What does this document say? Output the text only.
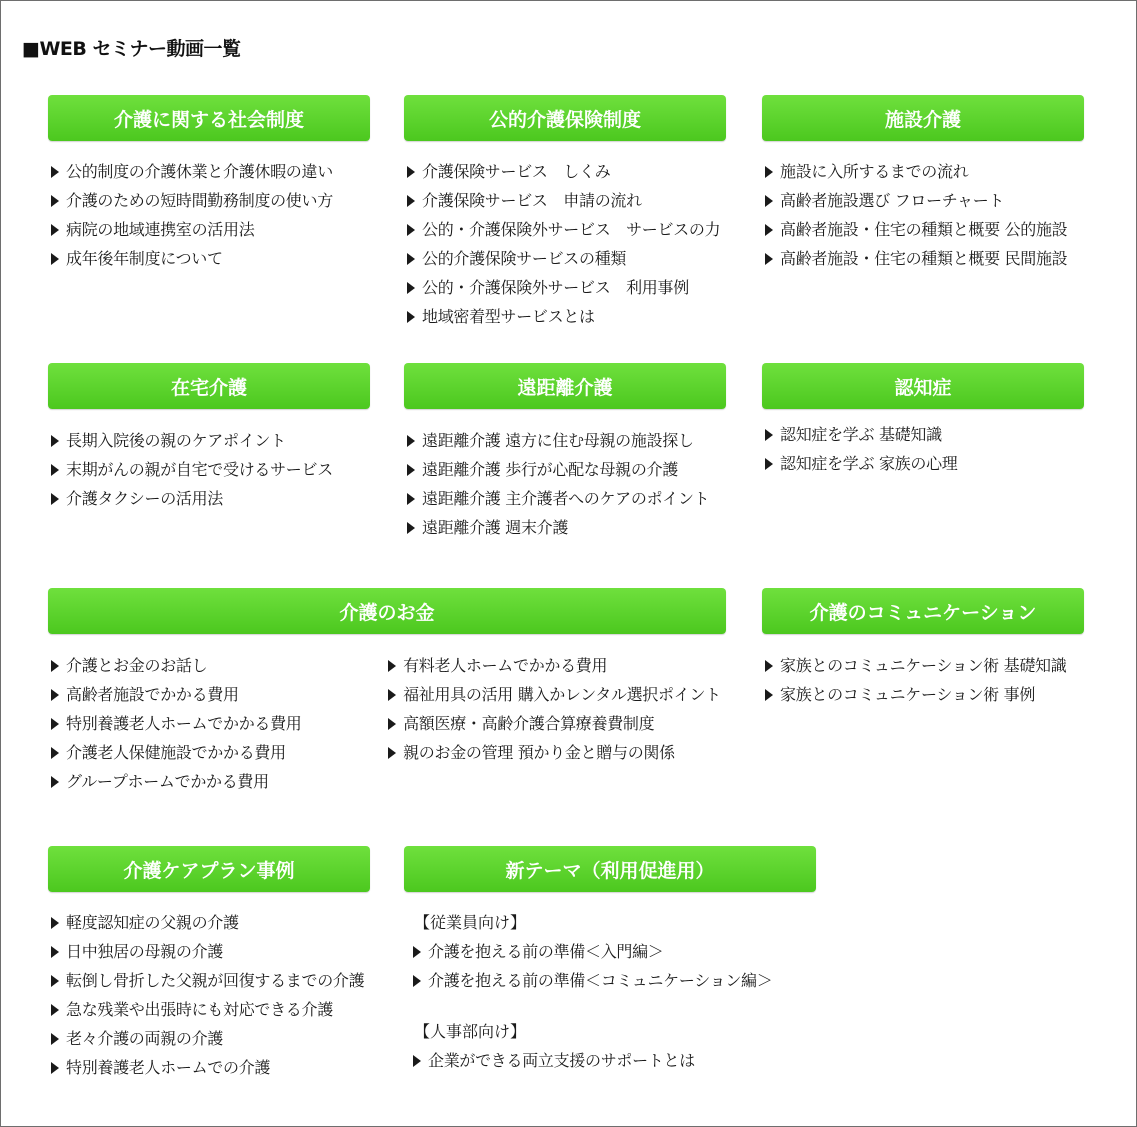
■WEB セミナー動画一覧
介護に関する社会制度
公的制度の介護休業と介護休暇の違い
介護のための短時間勤務制度の使い方
病院の地域連携室の活用法
成年後年制度について
公的介護保険制度
介護保険サービス　しくみ
介護保険サービス　申請の流れ
公的・介護保険外サービス　サービスの力
公的介護保険サービスの種類
公的・介護保険外サービス　利用事例
地域密着型サービスとは
施設介護
施設に入所するまでの流れ
高齢者施設選び フローチャート
高齢者施設・住宅の種類と概要 公的施設
高齢者施設・住宅の種類と概要 民間施設
在宅介護
長期入院後の親のケアポイント
末期がんの親が自宅で受けるサービス
介護タクシーの活用法
遠距離介護
遠距離介護 遠方に住む母親の施設探し
遠距離介護 歩行が心配な母親の介護
遠距離介護 主介護者へのケアのポイント
遠距離介護 週末介護
認知症
認知症を学ぶ 基礎知識
認知症を学ぶ 家族の心理
介護のお金
介護とお金のお話し
高齢者施設でかかる費用
特別養護老人ホームでかかる費用
介護老人保健施設でかかる費用
グループホームでかかる費用
有料老人ホームでかかる費用
福祉用具の活用 購入かレンタル選択ポイント
高額医療・高齢介護合算療養費制度
親のお金の管理 預かり金と贈与の関係
介護のコミュニケーション
家族とのコミュニケーション術 基礎知識
家族とのコミュニケーション術 事例
介護ケアプラン事例
軽度認知症の父親の介護
日中独居の母親の介護
転倒し骨折した父親が回復するまでの介護
急な残業や出張時にも対応できる介護
老々介護の両親の介護
特別養護老人ホームでの介護
新テーマ（利用促進用）
【従業員向け】
介護を抱える前の準備＜入門編＞
介護を抱える前の準備＜コミュニケーション編＞
【人事部向け】
企業ができる両立支援のサポートとは
